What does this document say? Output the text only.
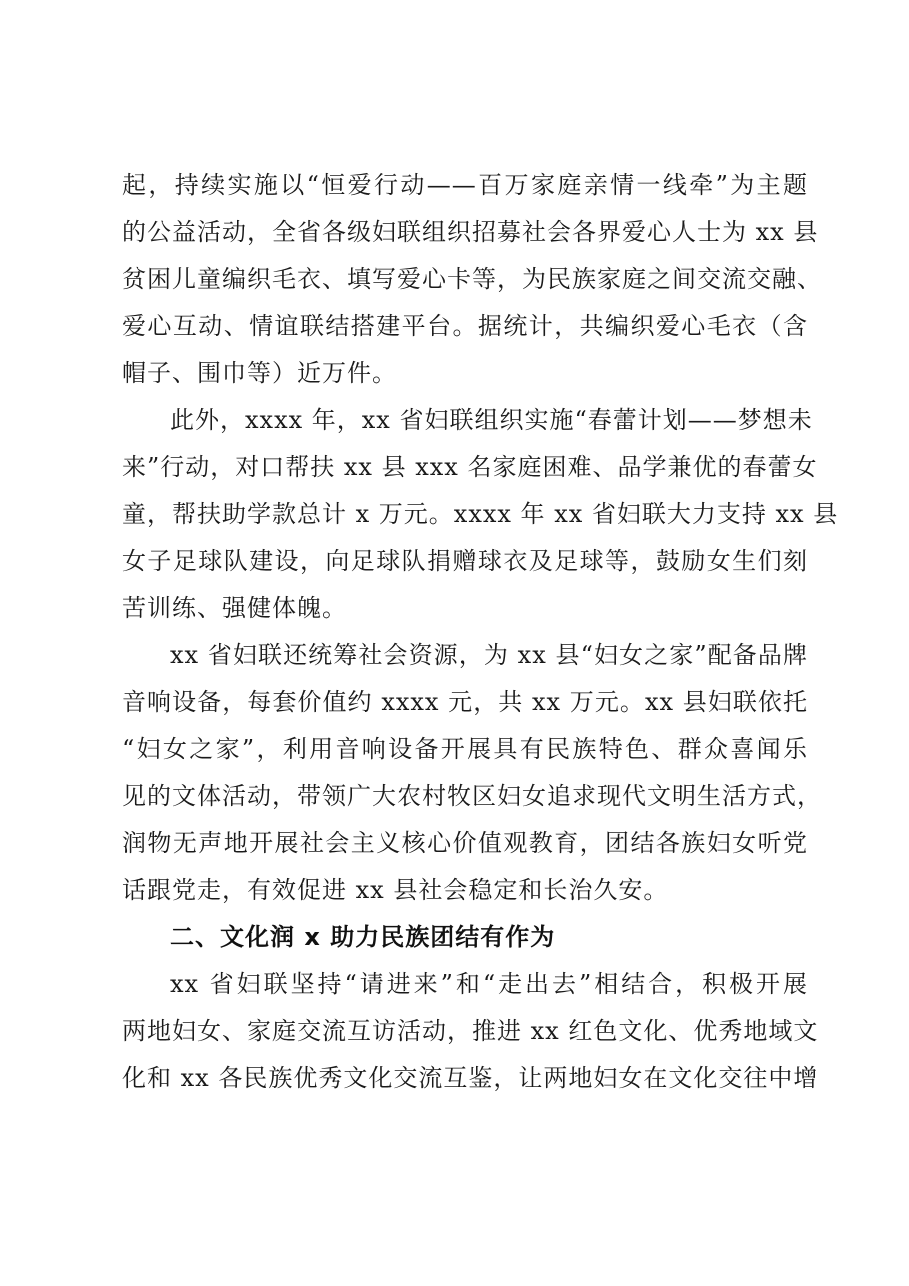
起，持续实施以“恒爱行动——百万家庭亲情一线牵”为主题
的公益活动，全省各级妇联组织招募社会各界爱心人士为 xx 县
贫困儿童编织毛衣、填写爱心卡等，为民族家庭之间交流交融、
爱心互动、情谊联结搭建平台。据统计，共编织爱心毛衣（含
帽子、围巾等）近万件。
此外，xxxx 年，xx 省妇联组织实施“春蕾计划——梦想未
来”行动，对口帮扶 xx 县 xxx 名家庭困难、品学兼优的春蕾女
童，帮扶助学款总计 x 万元。xxxx 年 xx 省妇联大力支持 xx 县
女子足球队建设，向足球队捐赠球衣及足球等，鼓励女生们刻
苦训练、强健体魄。
xx 省妇联还统筹社会资源，为 xx 县“妇女之家”配备品牌
音响设备，每套价值约 xxxx 元，共 xx 万元。xx 县妇联依托
“妇女之家”，利用音响设备开展具有民族特色、群众喜闻乐
见的文体活动，带领广大农村牧区妇女追求现代文明生活方式，
润物无声地开展社会主义核心价值观教育，团结各族妇女听党
话跟党走，有效促进 xx 县社会稳定和长治久安。
二、文化润 x 助力民族团结有作为
xx 省妇联坚持“请进来”和“走出去”相结合，积极开展
两地妇女、家庭交流互访活动，推进 xx 红色文化、优秀地域文
化和 xx 各民族优秀文化交流互鉴，让两地妇女在文化交往中增
